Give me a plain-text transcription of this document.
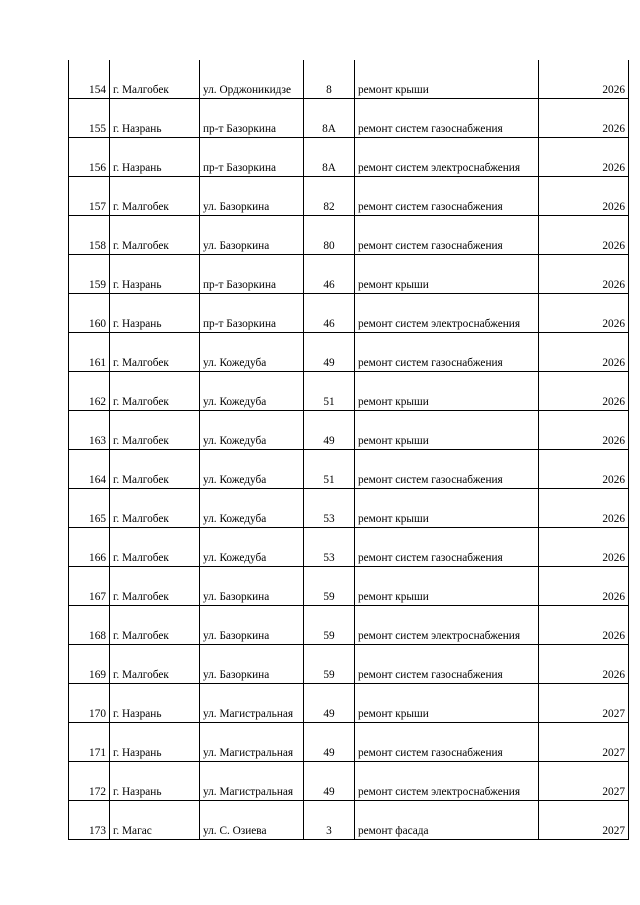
154	г. Малгобек	ул. Орджоникидзе	8	ремонт крыши	2026
155	г. Назрань	пр-т Базоркина	8А	ремонт систем газоснабжения	2026
156	г. Назрань	пр-т Базоркина	8А	ремонт систем электроснабжения	2026
157	г. Малгобек	ул. Базоркина	82	ремонт систем газоснабжения	2026
158	г. Малгобек	ул. Базоркина	80	ремонт систем газоснабжения	2026
159	г. Назрань	пр-т Базоркина	46	ремонт крыши	2026
160	г. Назрань	пр-т Базоркина	46	ремонт систем электроснабжения	2026
161	г. Малгобек	ул. Кожедуба	49	ремонт систем газоснабжения	2026
162	г. Малгобек	ул. Кожедуба	51	ремонт крыши	2026
163	г. Малгобек	ул. Кожедуба	49	ремонт крыши	2026
164	г. Малгобек	ул. Кожедуба	51	ремонт систем газоснабжения	2026
165	г. Малгобек	ул. Кожедуба	53	ремонт крыши	2026
166	г. Малгобек	ул. Кожедуба	53	ремонт систем газоснабжения	2026
167	г. Малгобек	ул. Базоркина	59	ремонт крыши	2026
168	г. Малгобек	ул. Базоркина	59	ремонт систем электроснабжения	2026
169	г. Малгобек	ул. Базоркина	59	ремонт систем газоснабжения	2026
170	г. Назрань	ул. Магистральная	49	ремонт крыши	2027
171	г. Назрань	ул. Магистральная	49	ремонт систем газоснабжения	2027
172	г. Назрань	ул. Магистральная	49	ремонт систем электроснабжения	2027
173	г. Магас	ул. С. Озиева	3	ремонт фасада	2027
